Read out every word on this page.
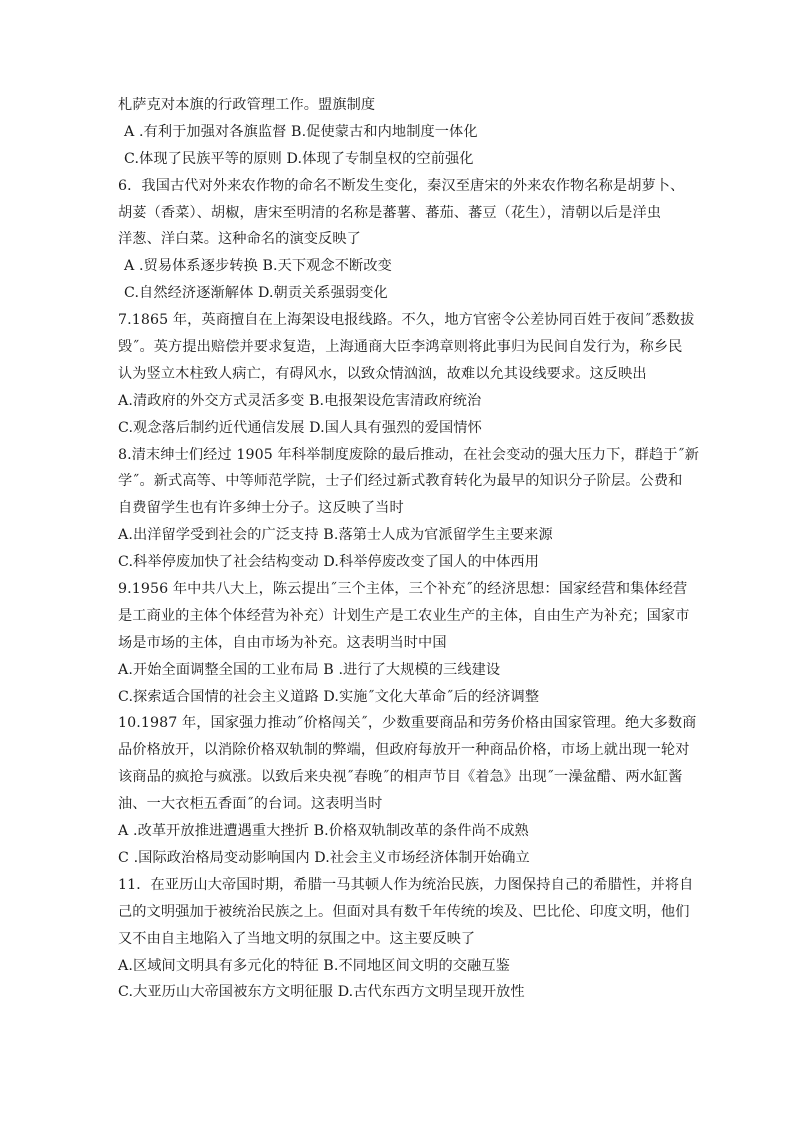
札萨克对本旗的行政管理工作。盟旗制度
A .有利于加强对各旗监督 B.促使蒙古和内地制度一体化
C.体现了民族平等的原则 D.体现了专制皇权的空前强化
6．我国古代对外来农作物的命名不断发生变化，秦汉至唐宋的外来农作物名称是胡萝卜、
胡荽（香菜）、胡椒，唐宋至明清的名称是蕃薯、蕃茄、蕃豆（花生），清朝以后是洋虫
洋葱、洋白菜。这种命名的演变反映了
A .贸易体系逐步转换 B.天下观念不断改变
C.自然经济逐渐解体 D.朝贡关系强弱变化
7.1865 年，英商擅自在上海架设电报线路。不久，地方官密令公差协同百姓于夜间˝悉数拔
毁˝。英方提出赔偿并要求复造，上海通商大臣李鸿章则将此事归为民间自发行为，称乡民
认为竖立木柱致人病亡，有碍风水，以致众情汹汹，故难以允其设线要求。这反映出
A.清政府的外交方式灵活多变 B.电报架设危害清政府统治
C.观念落后制约近代通信发展 D.国人具有强烈的爱国情怀
8.清末绅士们经过 1905 年科举制度废除的最后推动，在社会变动的强大压力下，群趋于˝新
学˝。新式高等、中等师范学院，士子们经过新式教育转化为最早的知识分子阶层。公费和
自费留学生也有许多绅士分子。这反映了当时
A.出洋留学受到社会的广泛支持 B.落第士人成为官派留学生主要来源
C.科举停废加快了社会结构变动 D.科举停废改变了国人的中体西用
9.1956 年中共八大上，陈云提出˝三个主体，三个补充˝的经济思想：国家经营和集体经营
是工商业的主体个体经营为补充）计划生产是工农业生产的主体，自由生产为补充；国家市
场是市场的主体，自由市场为补充。这表明当时中国
A.开始全面调整全国的工业布局 B .进行了大规模的三线建设
C.探索适合国情的社会主义道路 D.实施˝文化大革命˝后的经济调整
10.1987 年，国家强力推动˝价格闯关˝，少数重要商品和劳务价格由国家管理。绝大多数商
品价格放开，以消除价格双轨制的弊端，但政府每放开一种商品价格，市场上就出现一轮对
该商品的疯抢与疯涨。以致后来央视˝春晚˝的相声节目《着急》出现˝一澡盆醋、两水缸酱
油、一大衣柜五香面˝的台词。这表明当时
A .改革开放推进遭遇重大挫折 B.价格双轨制改革的条件尚不成熟
C .国际政治格局变动影响国内 D.社会主义市场经济体制开始确立
11．在亚历山大帝国时期，希腊一马其顿人作为统治民族，力图保持自己的希腊性，并将自
己的文明强加于被统治民族之上。但面对具有数千年传统的埃及、巴比伦、印度文明，他们
又不由自主地陷入了当地文明的氛围之中。这主要反映了
A.区域间文明具有多元化的特征 B.不同地区间文明的交融互鉴
C.大亚历山大帝国被东方文明征服 D.古代东西方文明呈现开放性
